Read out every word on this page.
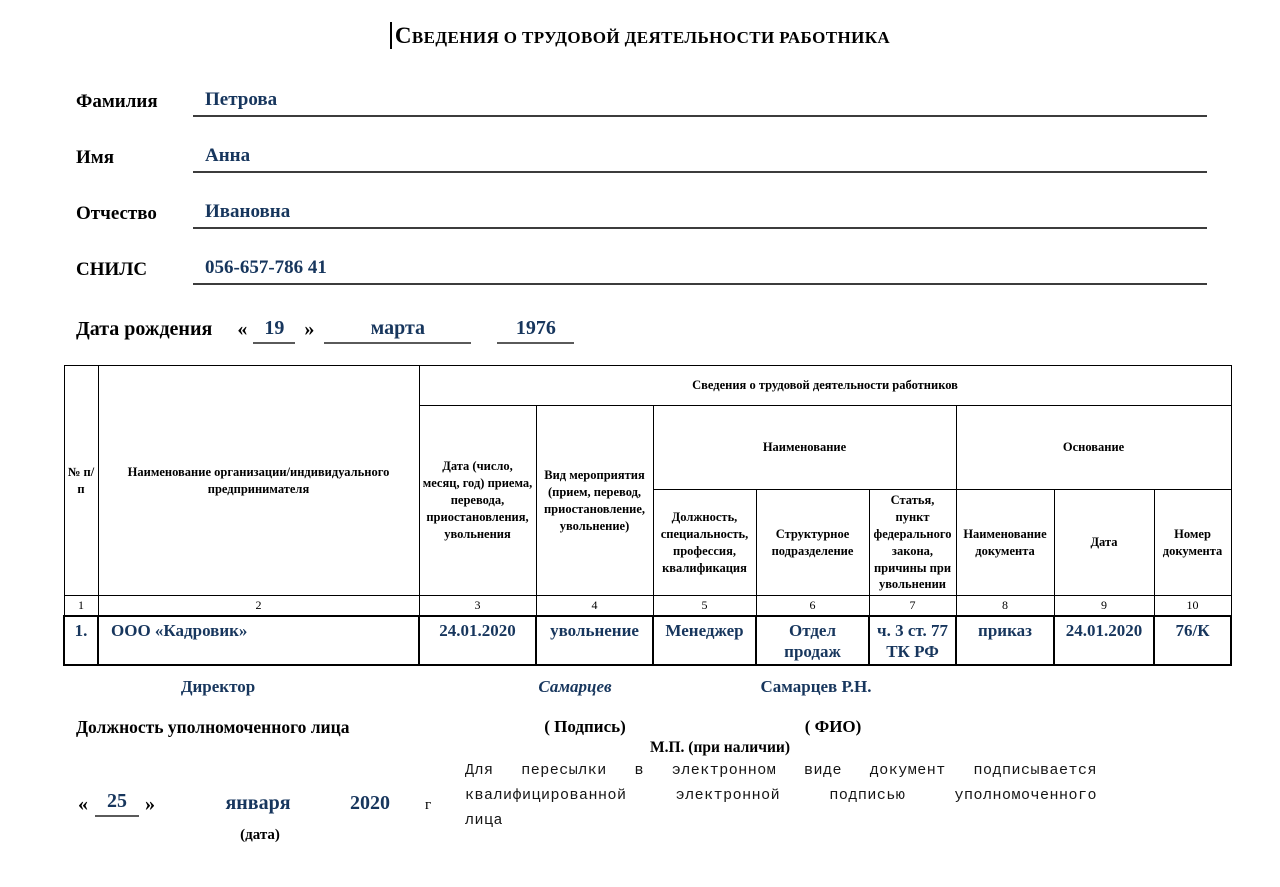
СВЕДЕНИЯ О ТРУДОВОЙ ДЕЯТЕЛЬНОСТИ РАБОТНИКА
Фамилия	Петрова
Имя	Анна
Отчество	Ивановна
СНИЛС	056-657-786 41
Дата рождения « 19	»	марта	1976
№ п/п	Наименование организации/индивидуального предпринимателя	Сведения о трудовой деятельности работников							
		Дата (число, месяц, год) приема, перевода, приостановления, увольнения	Вид мероприятия (прием, перевод, приостановление, увольнение)	Наименование			Основание		
				Должность, специальность, профессия, квалификация	Структурное подразделение	Статья, пункт федерального закона, причины при увольнении	Наименование документа	Дата	Номер документа
1	2	3	4	5	6	7	8	9	10
1.	ООО «Кадровик»	24.01.2020	увольнение	Менеджер	Отдел продаж	ч. 3 ст. 77 ТК РФ	приказ	24.01.2020	76/К
Директор	Самарцев	Самарцев Р.Н.
Должность уполномоченного лица	( Подпись)	( ФИО)
М.П. (при наличии)
Для пересылки в электронном виде документ подписывается
квалифицированной электронной подписью уполномоченного
лица
« 25 »	января	2020	г
(дата)
